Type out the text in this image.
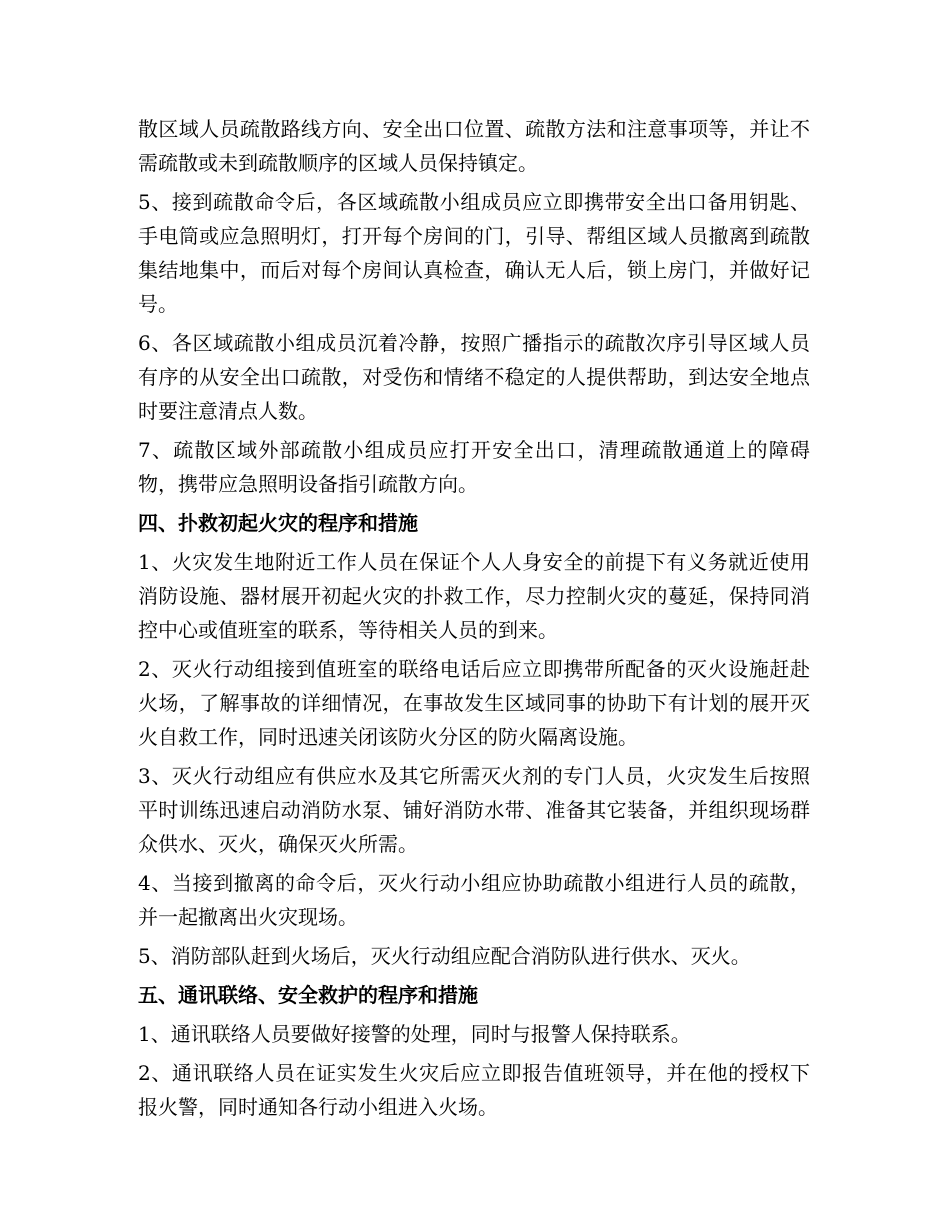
散区域人员疏散路线方向、安全出口位置、疏散方法和注意事项等，并让不需疏散或未到疏散顺序的区域人员保持镇定。

5、接到疏散命令后，各区域疏散小组成员应立即携带安全出口备用钥匙、手电筒或应急照明灯，打开每个房间的门，引导、帮组区域人员撤离到疏散集结地集中，而后对每个房间认真检查，确认无人后，锁上房门，并做好记号。

6、各区域疏散小组成员沉着冷静，按照广播指示的疏散次序引导区域人员有序的从安全出口疏散，对受伤和情绪不稳定的人提供帮助，到达安全地点时要注意清点人数。

7、疏散区域外部疏散小组成员应打开安全出口，清理疏散通道上的障碍物，携带应急照明设备指引疏散方向。

四、扑救初起火灾的程序和措施

1、火灾发生地附近工作人员在保证个人人身安全的前提下有义务就近使用消防设施、器材展开初起火灾的扑救工作，尽力控制火灾的蔓延，保持同消控中心或值班室的联系，等待相关人员的到来。

2、灭火行动组接到值班室的联络电话后应立即携带所配备的灭火设施赶赴火场，了解事故的详细情况，在事故发生区域同事的协助下有计划的展开灭火自救工作，同时迅速关闭该防火分区的防火隔离设施。

3、灭火行动组应有供应水及其它所需灭火剂的专门人员，火灾发生后按照平时训练迅速启动消防水泵、铺好消防水带、准备其它装备，并组织现场群众供水、灭火，确保灭火所需。

4、当接到撤离的命令后，灭火行动小组应协助疏散小组进行人员的疏散，并一起撤离出火灾现场。

5、消防部队赶到火场后，灭火行动组应配合消防队进行供水、灭火。

五、通讯联络、安全救护的程序和措施

1、通讯联络人员要做好接警的处理，同时与报警人保持联系。

2、通讯联络人员在证实发生火灾后应立即报告值班领导，并在他的授权下报火警，同时通知各行动小组进入火场。
